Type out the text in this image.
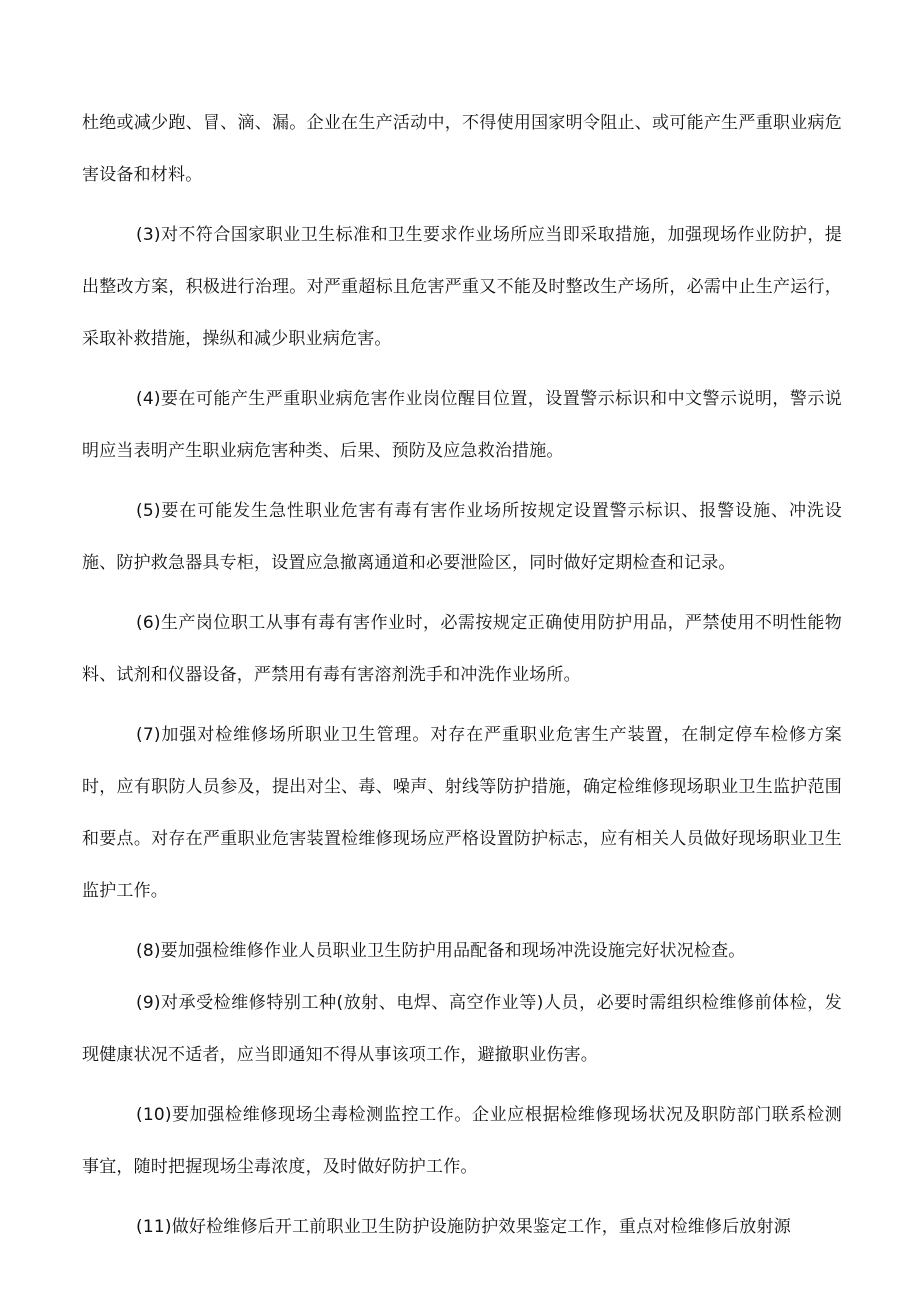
杜绝或减少跑、冒、滴、漏。企业在生产活动中，不得使用国家明令阻止、或可能产生严重职业病危害设备和材料。

(3)对不符合国家职业卫生标准和卫生要求作业场所应当即采取措施，加强现场作业防护，提出整改方案，积极进行治理。对严重超标且危害严重又不能及时整改生产场所，必需中止生产运行，采取补救措施，操纵和减少职业病危害。

(4)要在可能产生严重职业病危害作业岗位醒目位置，设置警示标识和中文警示说明，警示说明应当表明产生职业病危害种类、后果、预防及应急救治措施。

(5)要在可能发生急性职业危害有毒有害作业场所按规定设置警示标识、报警设施、冲洗设施、防护救急器具专柜，设置应急撤离通道和必要泄险区，同时做好定期检查和记录。

(6)生产岗位职工从事有毒有害作业时，必需按规定正确使用防护用品，严禁使用不明性能物料、试剂和仪器设备，严禁用有毒有害溶剂洗手和冲洗作业场所。

(7)加强对检维修场所职业卫生管理。对存在严重职业危害生产装置，在制定停车检修方案时，应有职防人员参及，提出对尘、毒、噪声、射线等防护措施，确定检维修现场职业卫生监护范围和要点。对存在严重职业危害装置检维修现场应严格设置防护标志，应有相关人员做好现场职业卫生监护工作。

(8)要加强检维修作业人员职业卫生防护用品配备和现场冲洗设施完好状况检查。

(9)对承受检维修特别工种(放射、电焊、高空作业等)人员，必要时需组织检维修前体检，发现健康状况不适者，应当即通知不得从事该项工作，避撤职业伤害。

(10)要加强检维修现场尘毒检测监控工作。企业应根据检维修现场状况及职防部门联系检测事宜，随时把握现场尘毒浓度，及时做好防护工作。

(11)做好检维修后开工前职业卫生防护设施防护效果鉴定工作，重点对检维修后放射源
